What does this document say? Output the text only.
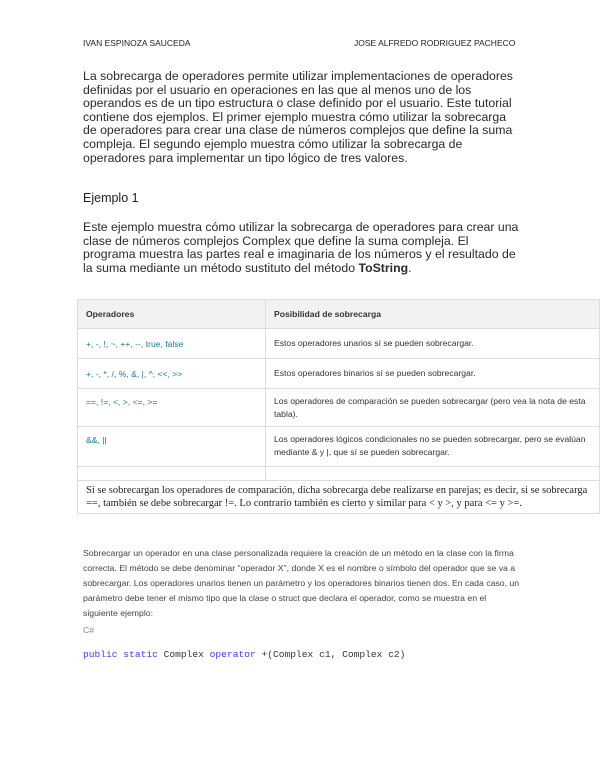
IVAN ESPINOZA SAUCEDA	JOSE ALFREDO RODRIGUEZ PACHECO
La sobrecarga de operadores permite utilizar implementaciones de operadores definidas por el usuario en operaciones en las que al menos uno de los operandos es de un tipo estructura o clase definido por el usuario. Este tutorial contiene dos ejemplos. El primer ejemplo muestra cómo utilizar la sobrecarga de operadores para crear una clase de números complejos que define la suma compleja. El segundo ejemplo muestra cómo utilizar la sobrecarga de operadores para implementar un tipo lógico de tres valores.
Ejemplo 1
Este ejemplo muestra cómo utilizar la sobrecarga de operadores para crear una clase de números complejos Complex que define la suma compleja. El programa muestra las partes real e imaginaria de los números y el resultado de la suma mediante un método sustituto del método ToString.
Operadores	Posibilidad de sobrecarga
+, -, !, ~, ++, --, true, false	Estos operadores unarios sí se pueden sobrecargar.
+, -, *, /, %, &, |, ^, <<, >>	Estos operadores binarios sí se pueden sobrecargar.
==, !=, <, >, <=, >=	Los operadores de comparación se pueden sobrecargar (pero vea la nota de esta tabla).
&&, ||	Los operadores lógicos condicionales no se pueden sobrecargar, pero se evalúan mediante & y |, que sí se pueden sobrecargar.

Si se sobrecargan los operadores de comparación, dicha sobrecarga debe realizarse en parejas; es decir, si se sobrecarga ==, también se debe sobrecargar !=. Lo contrario también es cierto y similar para < y >, y para <= y >=.	
Sobrecargar un operador en una clase personalizada requiere la creación de un método en la clase con la firma correcta. El método se debe denominar "operador X", donde X es el nombre o símbolo del operador que se va a sobrecargar. Los operadores unarios tienen un parámetro y los operadores binarios tienen dos. En cada caso, un parámetro debe tener el mismo tipo que la clase o struct que declara el operador, como se muestra en el siguiente ejemplo:
C#
public static Complex operator +(Complex c1, Complex c2)
